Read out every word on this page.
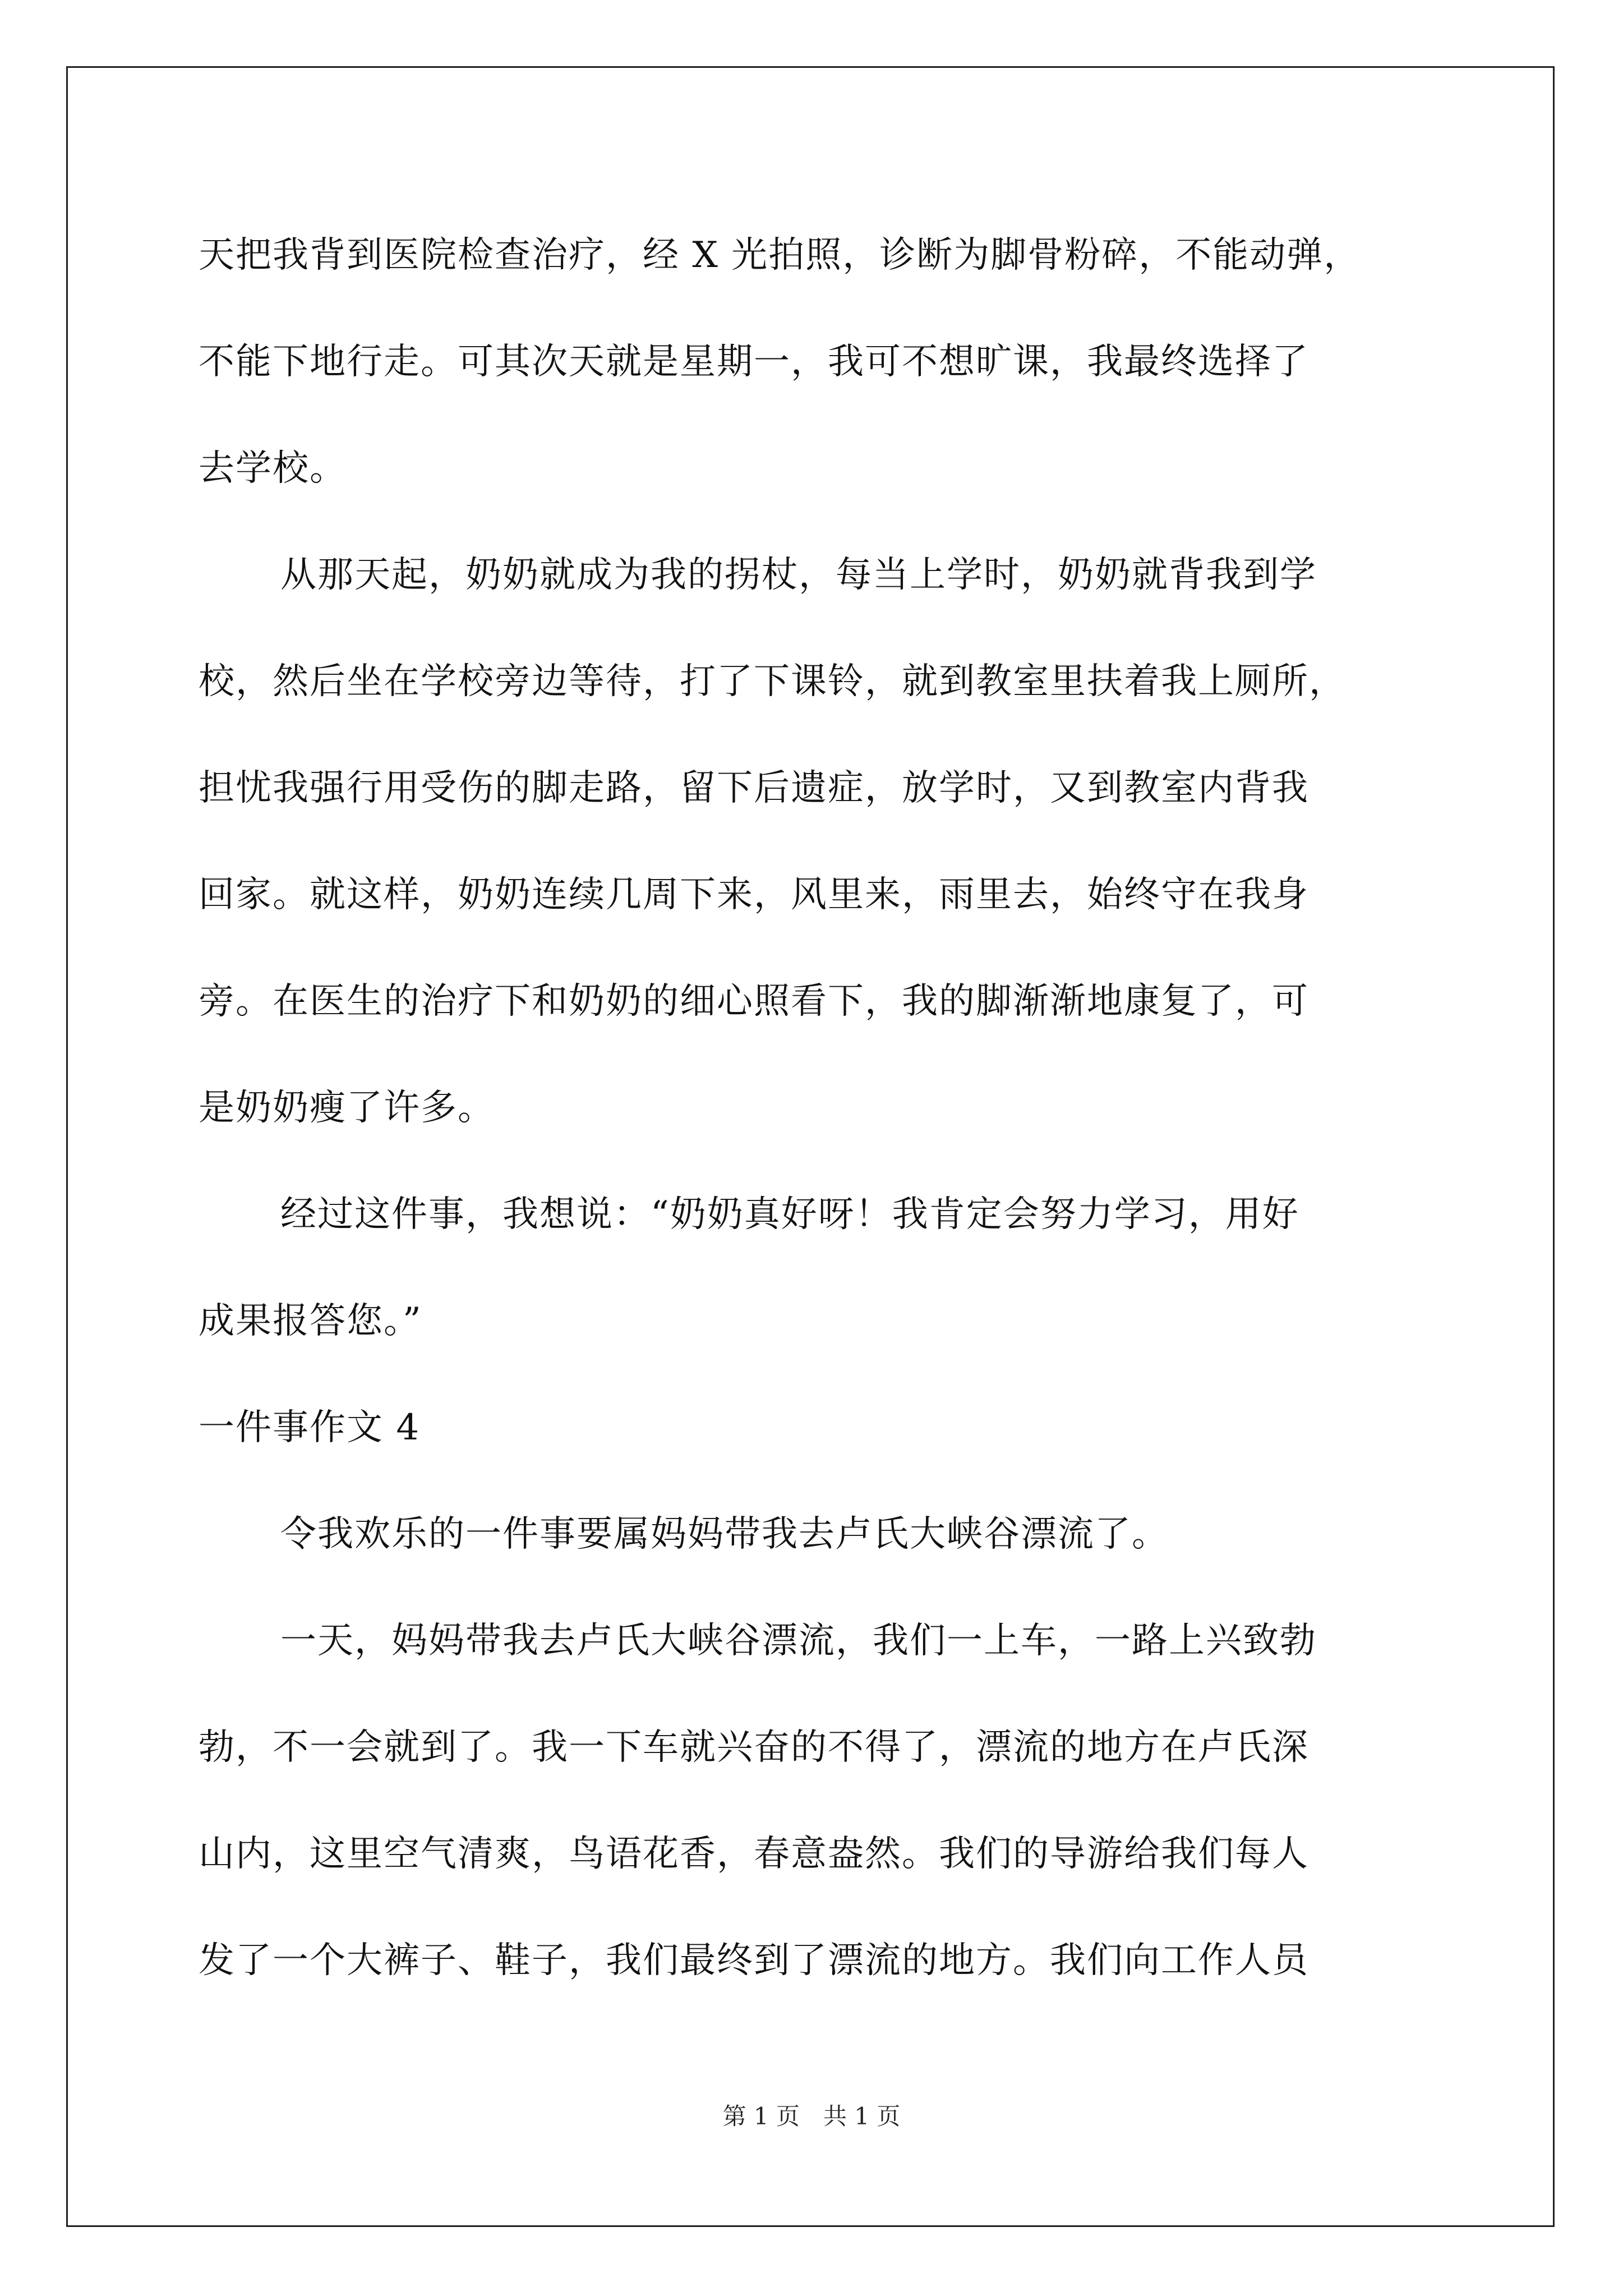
天把我背到医院检查治疗，经 X 光拍照，诊断为脚骨粉碎，不能动弹，
不能下地行走。可其次天就是星期一，我可不想旷课，我最终选择了
去学校。
从那天起，奶奶就成为我的拐杖，每当上学时，奶奶就背我到学
校，然后坐在学校旁边等待，打了下课铃，就到教室里扶着我上厕所，
担忧我强行用受伤的脚走路，留下后遗症，放学时，又到教室内背我
回家。就这样，奶奶连续几周下来，风里来，雨里去，始终守在我身
旁。在医生的治疗下和奶奶的细心照看下，我的脚渐渐地康复了，可
是奶奶瘦了许多。
经过这件事，我想说：“奶奶真好呀！我肯定会努力学习，用好
成果报答您。”
一件事作文 4
令我欢乐的一件事要属妈妈带我去卢氏大峡谷漂流了。
一天，妈妈带我去卢氏大峡谷漂流，我们一上车，一路上兴致勃
勃，不一会就到了。我一下车就兴奋的不得了，漂流的地方在卢氏深
山内，这里空气清爽，鸟语花香，春意盎然。我们的导游给我们每人
发了一个大裤子、鞋子，我们最终到了漂流的地方。我们向工作人员
第 1 页　共 1 页
